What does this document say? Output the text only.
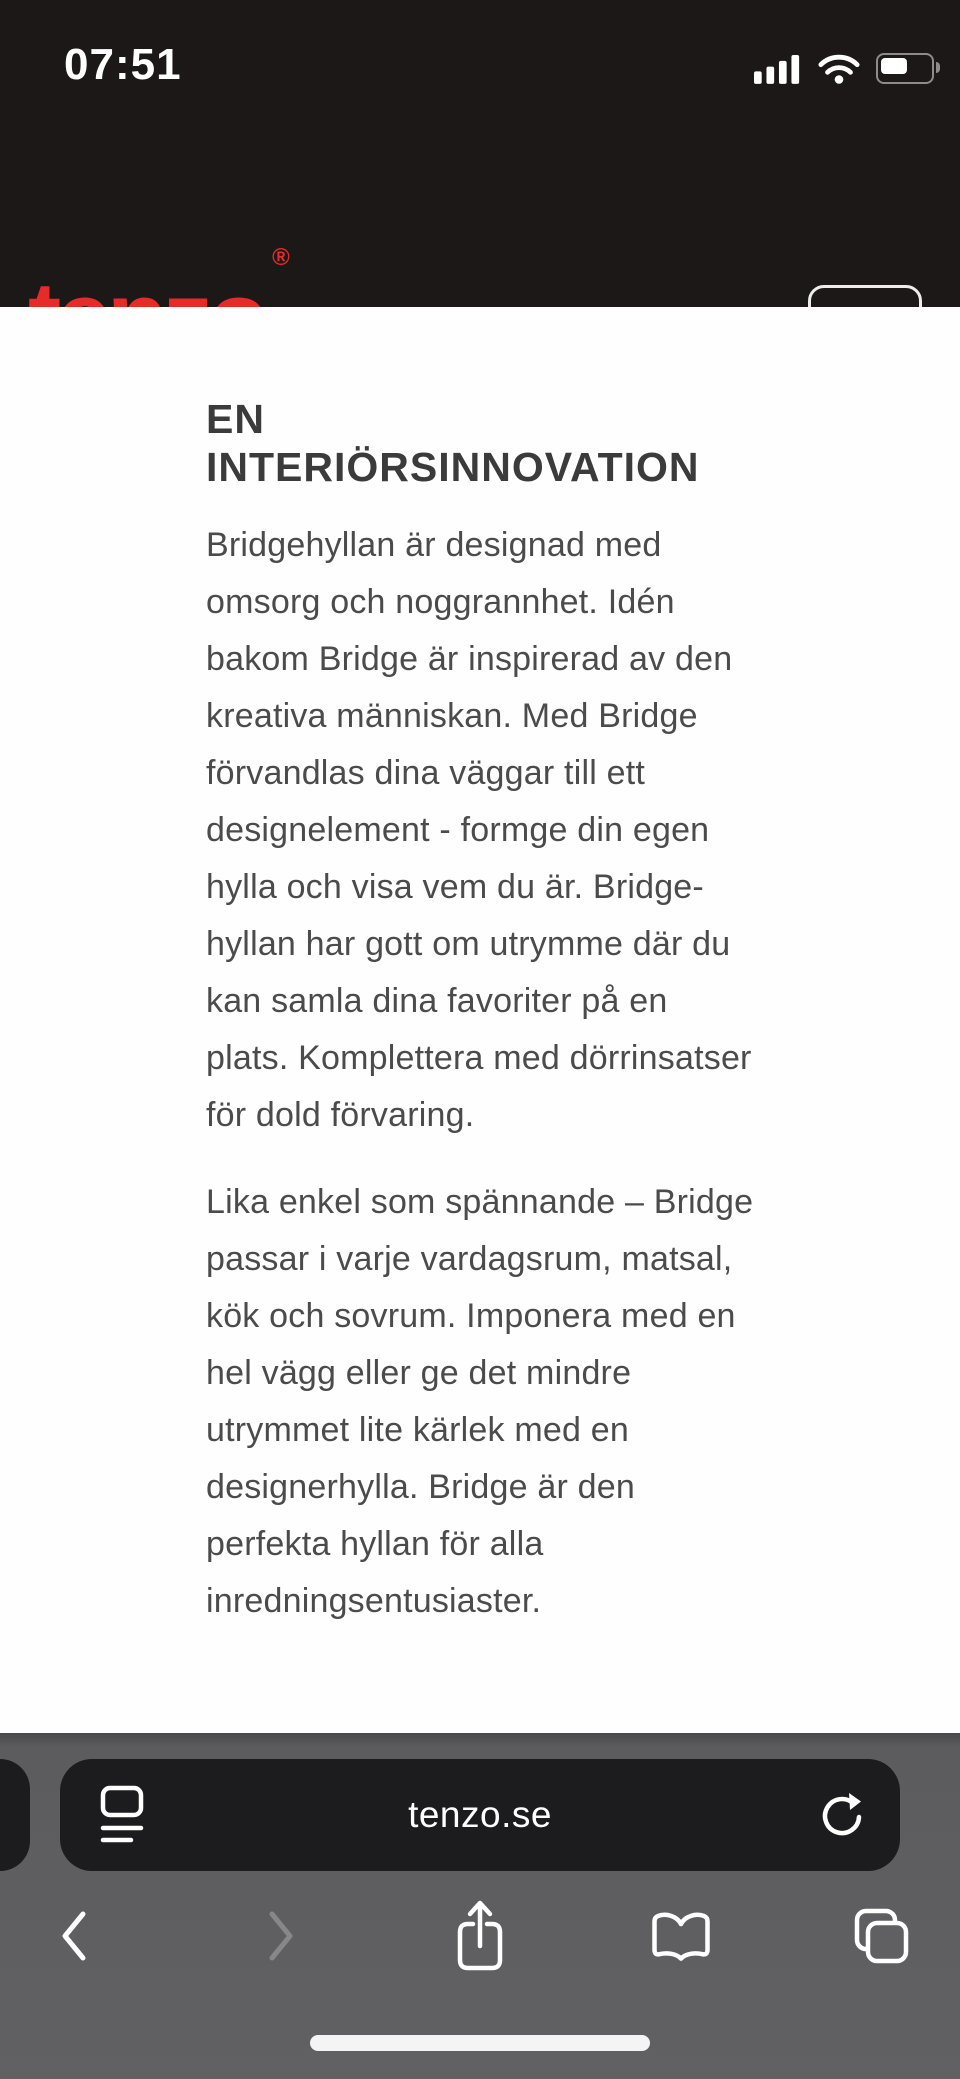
07:51
®
EN
INTERIÖRSINNOVATION

Bridgehyllan är designad med omsorg och noggrannhet. Idén bakom Bridge är inspirerad av den kreativa människan. Med Bridge förvandlas dina väggar till ett designelement - formge din egen hylla och visa vem du är. Bridge-hyllan har gott om utrymme där du kan samla dina favoriter på en plats. Komplettera med dörrinsatser för dold förvaring.

Lika enkel som spännande – Bridge passar i varje vardagsrum, matsal, kök och sovrum. Imponera med en hel vägg eller ge det mindre utrymmet lite kärlek med en designerhylla. Bridge är den perfekta hyllan för alla inredningsentusiaster.

tenzo.se
